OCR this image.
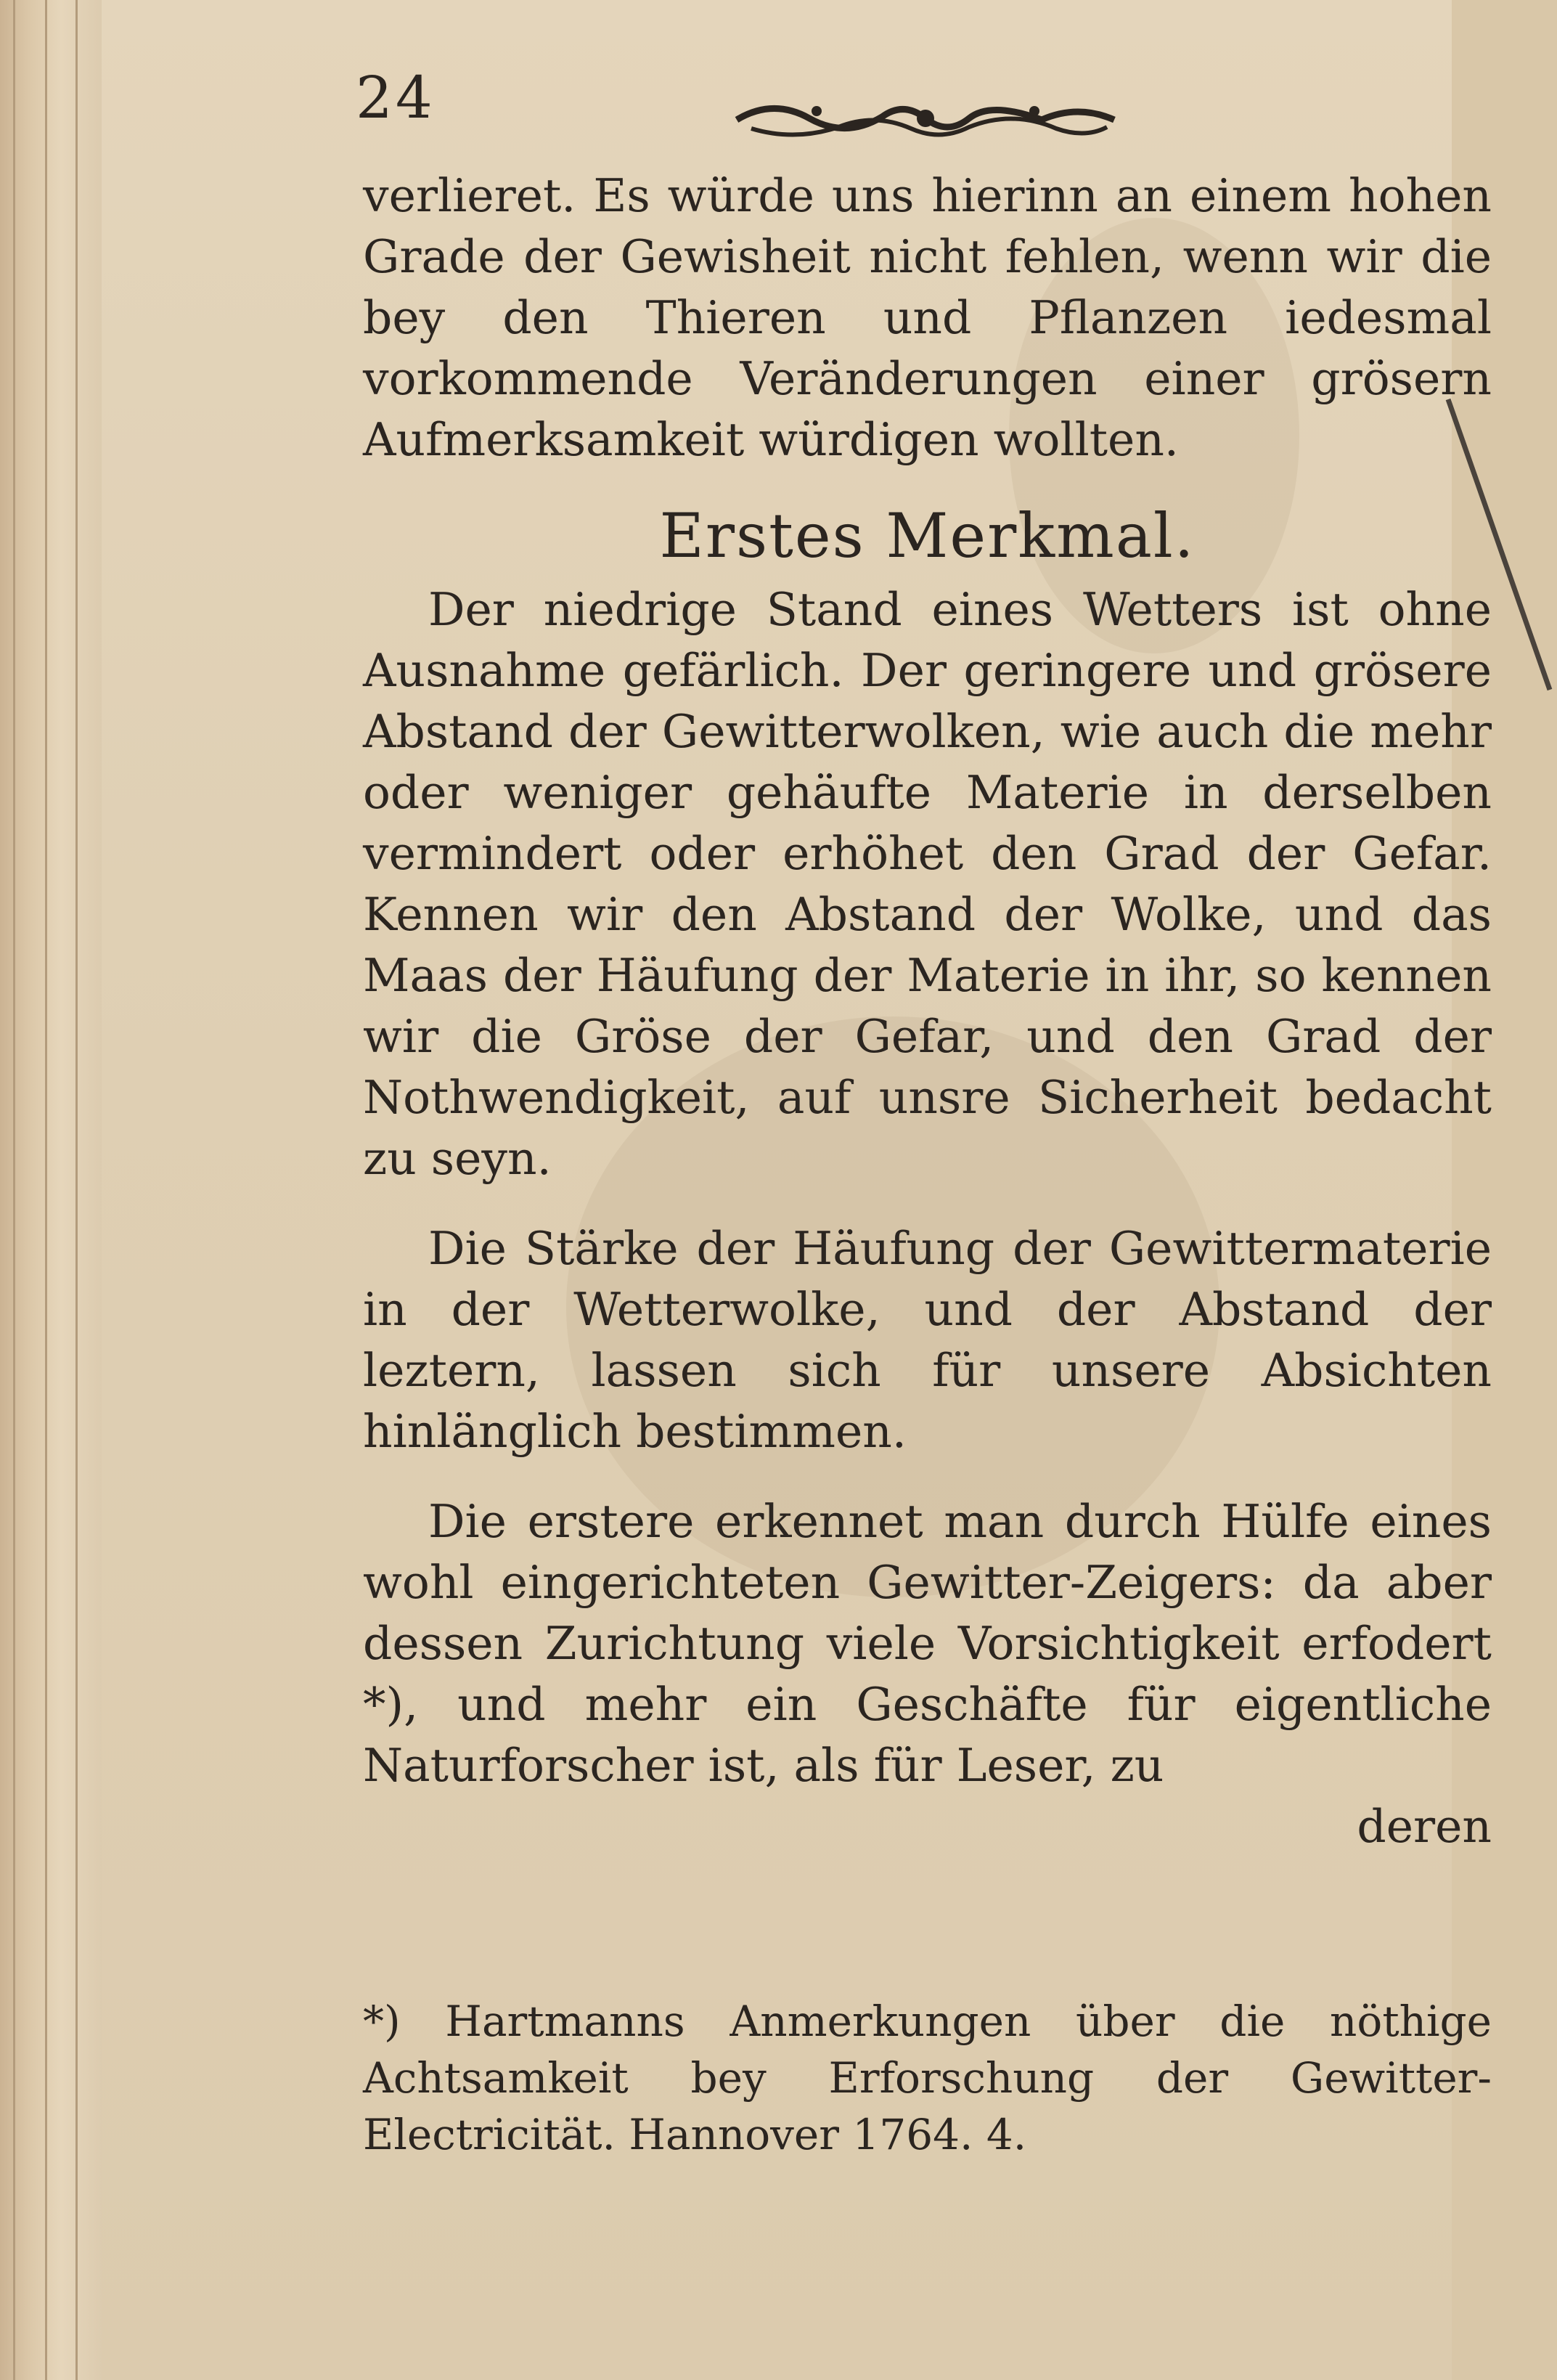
24

verlieret. Es würde uns hierinn an einem hohen Grade der Gewisheit nicht fehlen, wenn wir die bey den Thieren und Pflanzen iedesmal vorkommende Veränderungen einer grösern Aufmerksamkeit würdigen wollten.

Erstes Merkmal.

Der niedrige Stand eines Wetters ist ohne Ausnahme gefärlich. Der geringere und grösere Abstand der Gewitterwolken, wie auch die mehr oder weniger gehäufte Materie in derselben vermindert oder erhöhet den Grad der Gefar. Kennen wir den Abstand der Wolke, und das Maas der Häufung der Materie in ihr, so kennen wir die Gröse der Gefar, und den Grad der Nothwendigkeit, auf unsre Sicherheit bedacht zu seyn.

Die Stärke der Häufung der Gewittermaterie in der Wetterwolke, und der Abstand der leztern, lassen sich für unsere Absichten hinlänglich bestimmen.

Die erstere erkennet man durch Hülfe eines wohl eingerichteten Gewitter-Zeigers: da aber dessen Zurichtung viele Vorsichtigkeit erfodert *), und mehr ein Geschäfte für eigentliche Naturforscher ist, als für Leser, zu

deren

*) Hartmanns Anmerkungen über die nöthige Achtsamkeit bey Erforschung der Gewitter-Electricität. Hannover 1764. 4.
